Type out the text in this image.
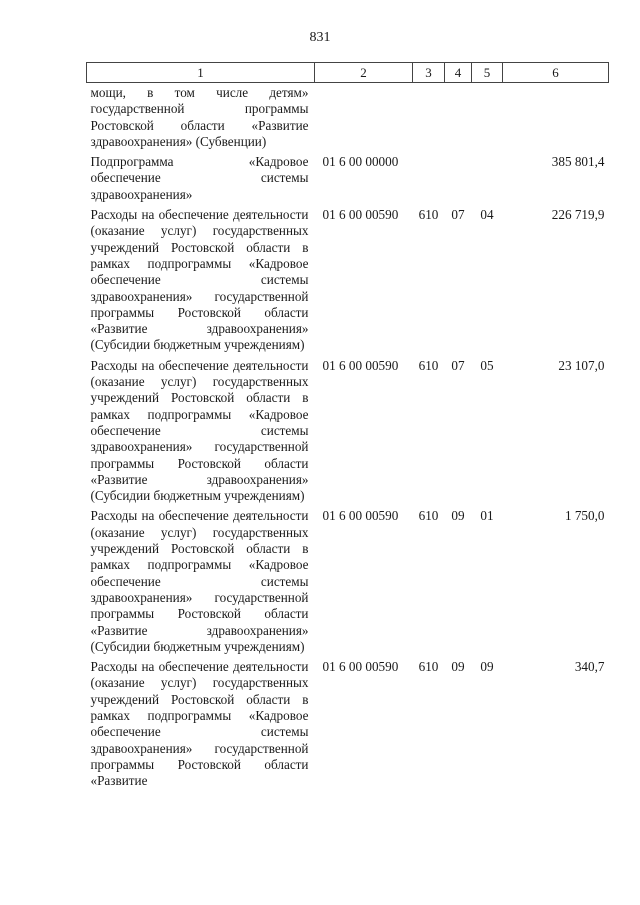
831
1	2	3	4	5	6
мощи, в том числе детям» государственной программы Ростовской области «Развитие здравоохранения» (Субвенции)					
Подпрограмма «Кадровое обеспечение системы здравоохранения»	01 6 00 00000				385 801,4
Расходы на обеспечение деятельности (оказание услуг) государственных учреждений Ростовской области в рамках подпрограммы «Кадровое обеспечение системы здравоохранения» государственной программы Ростовской области «Развитие здравоохранения» (Субсидии бюджетным учреждениям)	01 6 00 00590	610	07	04	226 719,9
Расходы на обеспечение деятельности (оказание услуг) государственных учреждений Ростовской области в рамках подпрограммы «Кадровое обеспечение системы здравоохранения» государственной программы Ростовской области «Развитие здравоохранения» (Субсидии бюджетным учреждениям)	01 6 00 00590	610	07	05	23 107,0
Расходы на обеспечение деятельности (оказание услуг) государственных учреждений Ростовской области в рамках подпрограммы «Кадровое обеспечение системы здравоохранения» государственной программы Ростовской области «Развитие здравоохранения» (Субсидии бюджетным учреждениям)	01 6 00 00590	610	09	01	1 750,0
Расходы на обеспечение деятельности (оказание услуг) государственных учреждений Ростовской области в рамках подпрограммы «Кадровое обеспечение системы здравоохранения» государственной программы Ростовской области «Развитие	01 6 00 00590	610	09	09	340,7
